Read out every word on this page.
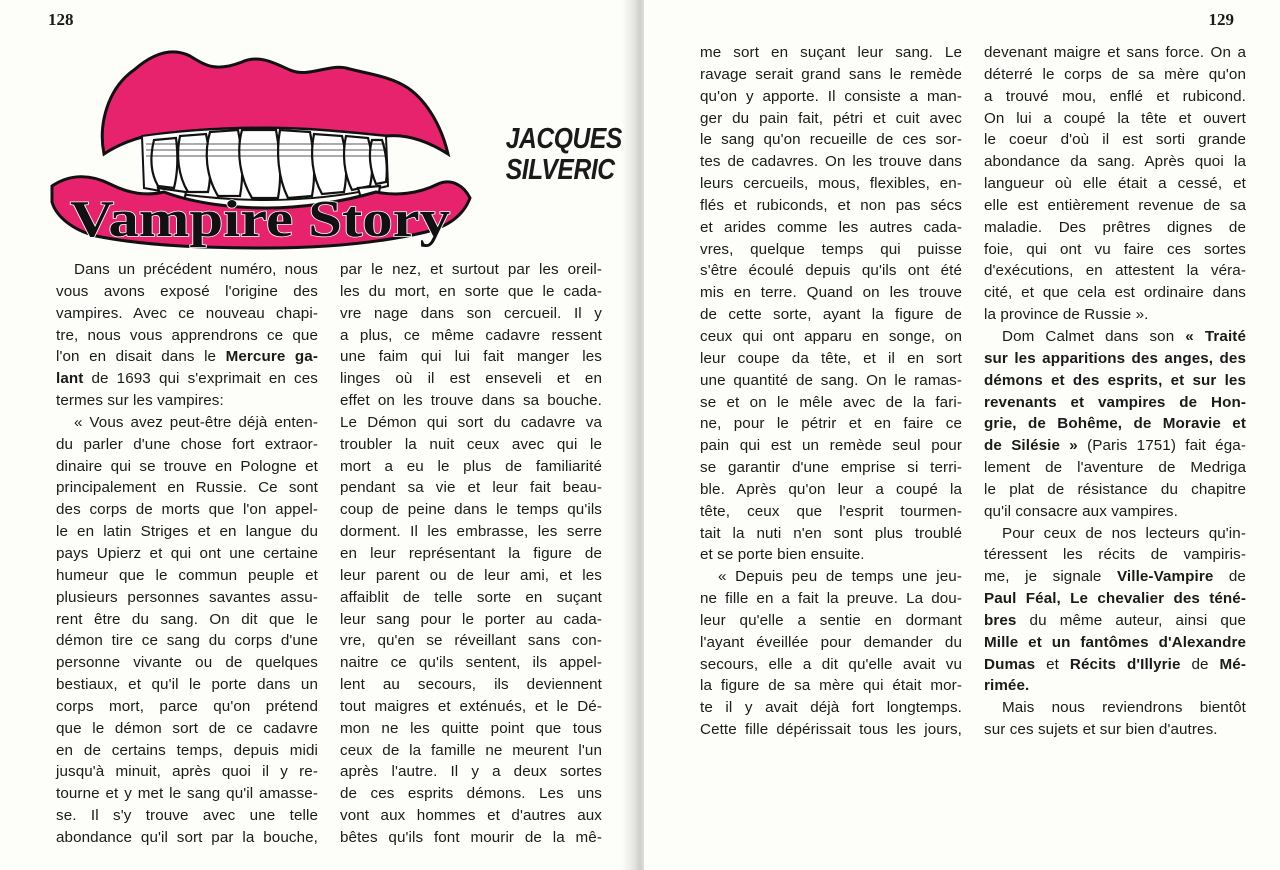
128
Vampire Story
JACQUES
SILVERIC

Dans un précédent numéro, nous

vous avons exposé l'origine des

vampires. Avec ce nouveau chapi-

tre, nous vous apprendrons ce que

l'on en disait dans le Mercure ga-

lant de 1693 qui s'exprimait en ces

termes sur les vampires:

« Vous avez peut-être déjà enten-

du parler d'une chose fort extraor-

dinaire qui se trouve en Pologne et

principalement en Russie. Ce sont

des corps de morts que l'on appel-

le en latin Striges et en langue du

pays Upierz et qui ont une certaine

humeur que le commun peuple et

plusieurs personnes savantes assu-

rent être du sang. On dit que le

démon tire ce sang du corps d'une

personne vivante ou de quelques

bestiaux, et qu'il le porte dans un

corps mort, parce qu'on prétend

que le démon sort de ce cadavre

en de certains temps, depuis midi

jusqu'à minuit, après quoi il y re-

tourne et y met le sang qu'il amasse-

se. Il s'y trouve avec une telle

abondance qu'il sort par la bouche,

par le nez, et surtout par les oreil-

les du mort, en sorte que le cada-

vre nage dans son cercueil. Il y

a plus, ce même cadavre ressent

une faim qui lui fait manger les

linges où il est enseveli et en

effet on les trouve dans sa bouche.

Le Démon qui sort du cadavre va

troubler la nuit ceux avec qui le

mort a eu le plus de familiarité

pendant sa vie et leur fait beau-

coup de peine dans le temps qu'ils

dorment. Il les embrasse, les serre

en leur représentant la figure de

leur parent ou de leur ami, et les

affaiblit de telle sorte en suçant

leur sang pour le porter au cada-

vre, qu'en se réveillant sans con-

naitre ce qu'ils sentent, ils appel-

lent au secours, ils deviennent

tout maigres et exténués, et le Dé-

mon ne les quitte point que tous

ceux de la famille ne meurent l'un

après l'autre. Il y a deux sortes

de ces esprits démons. Les uns

vont aux hommes et d'autres aux

bêtes qu'ils font mourir de la mê-

129

me sort en suçant leur sang. Le

ravage serait grand sans le remède

qu'on y apporte. Il consiste a man-

ger du pain fait, pétri et cuit avec

le sang qu'on recueille de ces sor-

tes de cadavres. On les trouve dans

leurs cercueils, mous, flexibles, en-

flés et rubiconds, et non pas sécs

et arides comme les autres cada-

vres, quelque temps qui puisse

s'être écoulé depuis qu'ils ont été

mis en terre. Quand on les trouve

de cette sorte, ayant la figure de

ceux qui ont apparu en songe, on

leur coupe da tête, et il en sort

une quantité de sang. On le ramas-

se et on le mêle avec de la fari-

ne, pour le pétrir et en faire ce

pain qui est un remède seul pour

se garantir d'une emprise si terri-

ble. Après qu'on leur a coupé la

tête, ceux que l'esprit tourmen-

tait la nuti n'en sont plus troublé

et se porte bien ensuite.

« Depuis peu de temps une jeu-

ne fille en a fait la preuve. La dou-

leur qu'elle a sentie en dormant

l'ayant éveillée pour demander du

secours, elle a dit qu'elle avait vu

la figure de sa mère qui était mor-

te il y avait déjà fort longtemps.

Cette fille dépérissait tous les jours,

devenant maigre et sans force. On a

déterré le corps de sa mère qu'on

a trouvé mou, enflé et rubicond.

On lui a coupé la tête et ouvert

le coeur d'où il est sorti grande

abondance da sang. Après quoi la

langueur où elle était a cessé, et

elle est entièrement revenue de sa

maladie. Des prêtres dignes de

foie, qui ont vu faire ces sortes

d'exécutions, en attestent la véra-

cité, et que cela est ordinaire dans

la province de Russie ».

Dom Calmet dans son « Traité

sur les apparitions des anges, des

démons et des esprits, et sur les

revenants et vampires de Hon-

grie, de Bohême, de Moravie et

de Silésie » (Paris 1751) fait éga-

lement de l'aventure de Medriga

le plat de résistance du chapitre

qu'il consacre aux vampires.

Pour ceux de nos lecteurs qu'in-

téressent les récits de vampiris-

me, je signale Ville-Vampire de

Paul Féal, Le chevalier des téné-

bres du même auteur, ainsi que

Mille et un fantômes d'Alexandre

Dumas et Récits d'Illyrie de Mé-

rimée.

Mais nous reviendrons bientôt

sur ces sujets et sur bien d'autres.
